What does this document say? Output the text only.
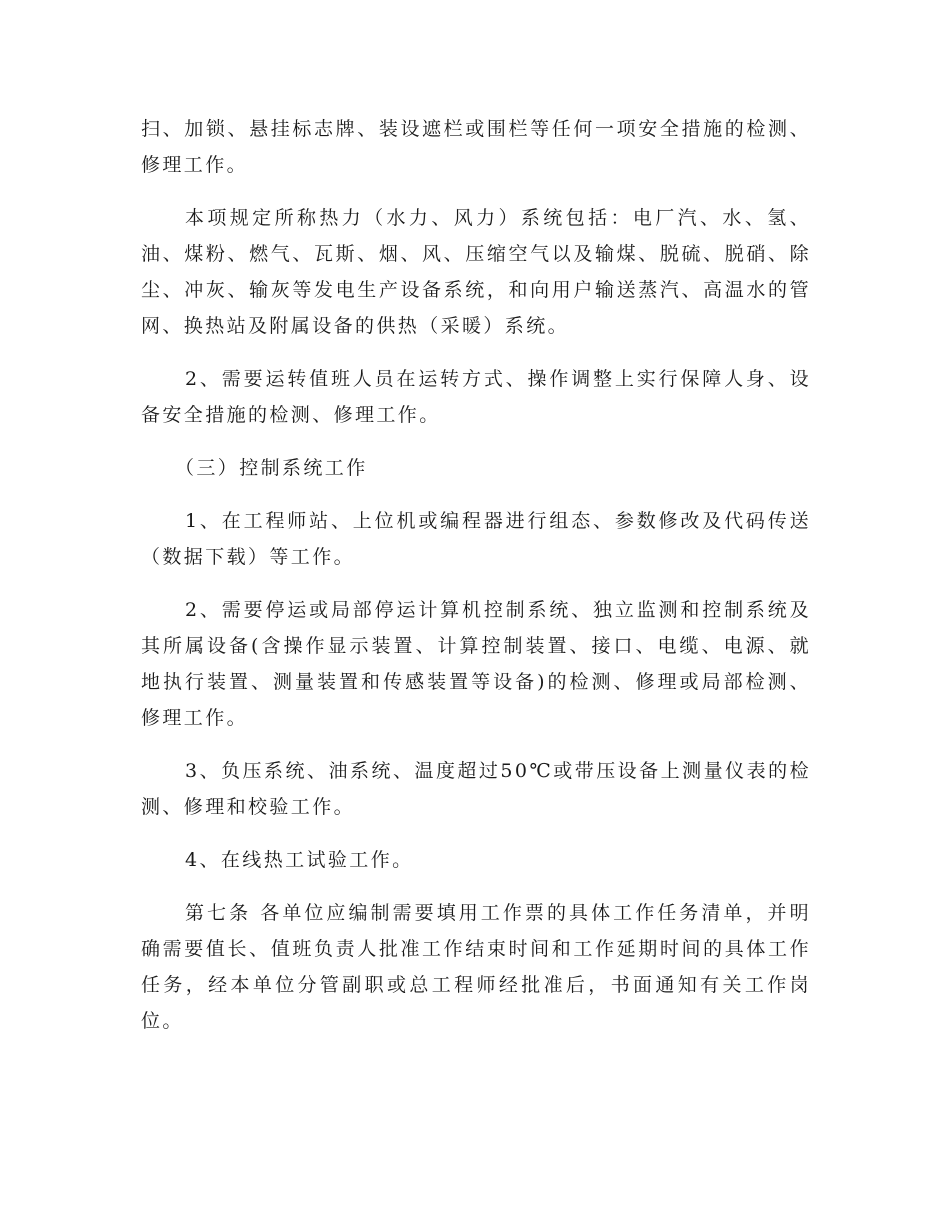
扫、加锁、悬挂标志牌、装设遮栏或围栏等任何一项安全措施的检测、修理工作。

本项规定所称热力（水力、风力）系统包括：电厂汽、水、氢、油、煤粉、燃气、瓦斯、烟、风、压缩空气以及输煤、脱硫、脱硝、除尘、冲灰、输灰等发电生产设备系统，和向用户输送蒸汽、高温水的管网、换热站及附属设备的供热（采暖）系统。

2、需要运转值班人员在运转方式、操作调整上实行保障人身、设备安全措施的检测、修理工作。

（三）控制系统工作

1、在工程师站、上位机或编程器进行组态、参数修改及代码传送（数据下载）等工作。

2、需要停运或局部停运计算机控制系统、独立监测和控制系统及其所属设备(含操作显示装置、计算控制装置、接口、电缆、电源、就地执行装置、测量装置和传感装置等设备)的检测、修理或局部检测、修理工作。

3、负压系统、油系统、温度超过50℃或带压设备上测量仪表的检测、修理和校验工作。

4、在线热工试验工作。

第七条 各单位应编制需要填用工作票的具体工作任务清单，并明确需要值长、值班负责人批准工作结束时间和工作延期时间的具体工作任务，经本单位分管副职或总工程师经批准后，书面通知有关工作岗位。
